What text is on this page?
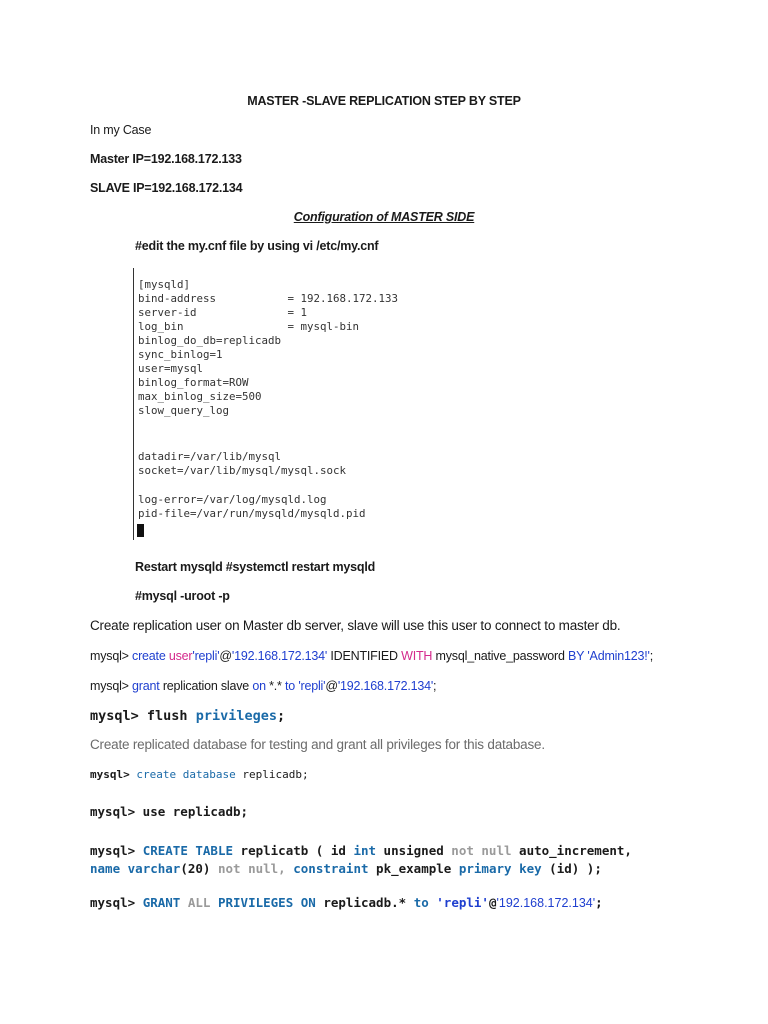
MASTER -SLAVE REPLICATION STEP BY STEP
In my Case
Master IP=192.168.172.133
SLAVE IP=192.168.172.134
Configuration of MASTER SIDE
#edit the my.cnf file by using vi /etc/my.cnf
[mysqld]
bind-address           = 192.168.172.133
server-id              = 1
log_bin                = mysql-bin
binlog_do_db=replicadb
sync_binlog=1
user=mysql
binlog_format=ROW
max_binlog_size=500
slow_query_log
datadir=/var/lib/mysql
socket=/var/lib/mysql/mysql.sock
log-error=/var/log/mysqld.log
pid-file=/var/run/mysqld/mysqld.pid
Restart mysqld #systemctl restart mysqld
#mysql -uroot -p
Create replication user on Master db server, slave will use this user to connect to master db.
mysql> create user'repli'@'192.168.172.134' IDENTIFIED WITH mysql_native_password BY 'Admin123!';
mysql> grant replication slave on *.* to 'repli'@'192.168.172.134';
mysql> flush privileges;
Create replicated database for testing and grant all privileges for this database.
mysql> create database replicadb;
mysql> use replicadb;
mysql> CREATE TABLE replicatb ( id int unsigned not null auto_increment,
name varchar(20) not null, constraint pk_example primary key (id) );
mysql> GRANT ALL PRIVILEGES ON replicadb.* to 'repli'@'192.168.172.134';
